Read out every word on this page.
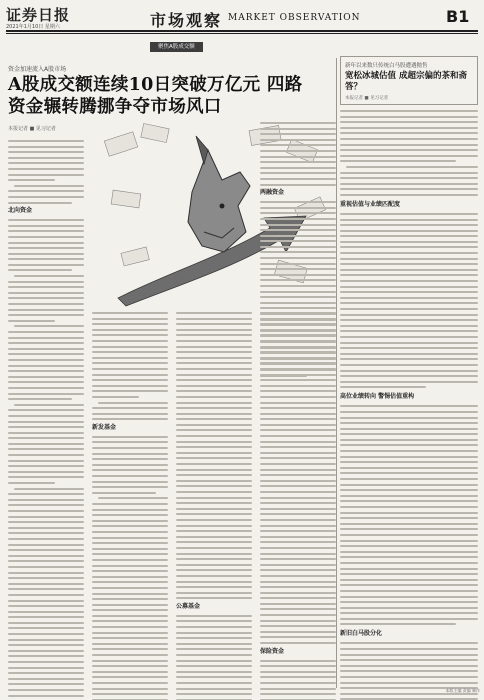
证券日报
2021年1月10日 星期六	市场观察 MARKET OBSERVATION	B1
聚焦A股成交额
资金加速流入A股市场
A股成交额连续10日突破万亿元 四路资金辗转腾挪争夺市场风口
本报记者 ■ 见习记者
北向资金
新发基金
公募基金
保险资金
两融资金
新年以来数只传统白马股遭遇抛售
宽松冰城估值 成超宗偏的茶和斋答？
本报记者 ■ 见习记者
重视估值与业绩匹配度
高位业绩转向 警惕估值重构
新旧白马股分化
本版主编 责编 制作
